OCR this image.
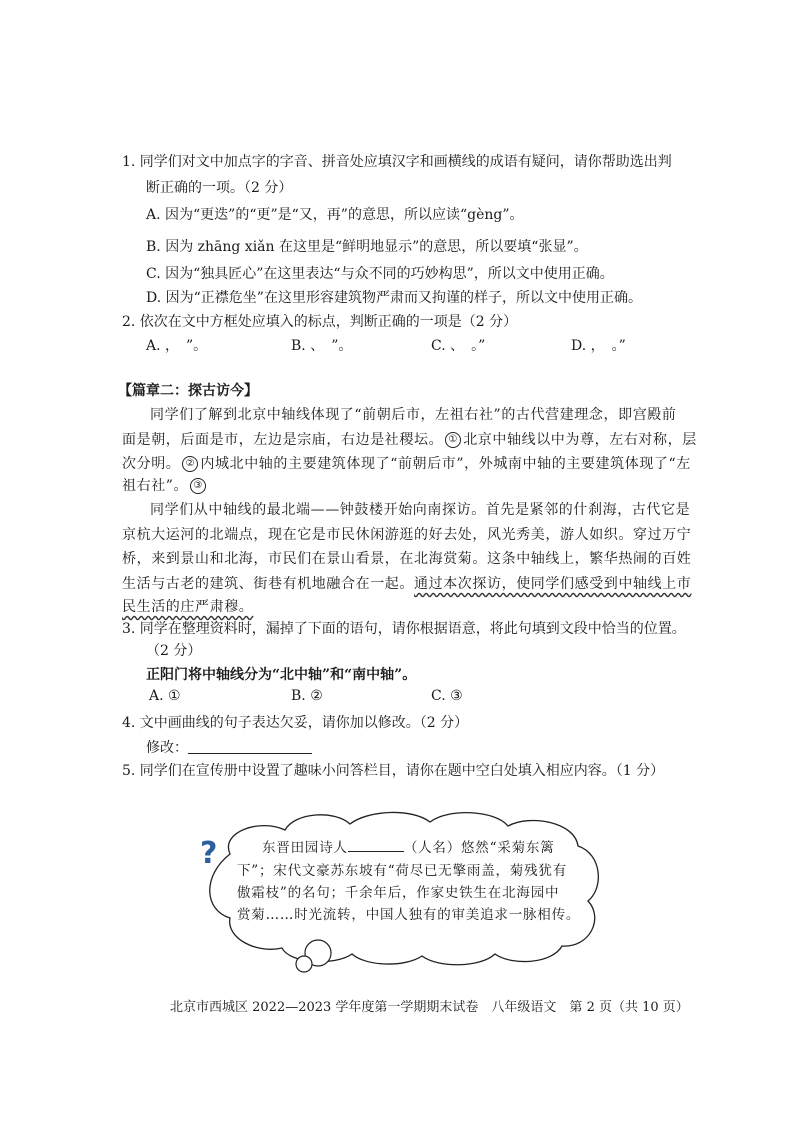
1. 同学们对文中加点字的字音、拼音处应填汉字和画横线的成语有疑问，请你帮助选出判
断正确的一项。（2 分）
A. 因为“更迭”的“更”是“又，再”的意思，所以应读“gèng”。
B. 因为 zhāng xiǎn 在这里是“鲜明地显示”的意思，所以要填“张显”。
C. 因为“独具匠心”在这里表达“与众不同的巧妙构思”，所以文中使用正确。
D. 因为“正襟危坐”在这里形容建筑物严肃而又拘谨的样子，所以文中使用正确。
2. 依次在文中方框处应填入的标点，判断正确的一项是（2 分）
A. ，　”。	B. 、　”。	C. 、　。”	D. ，　。”
【篇章二：探古访今】
同学们了解到北京中轴线体现了“前朝后市，左祖右社”的古代营建理念，即宫殿前
面是朝，后面是市，左边是宗庙，右边是社稷坛。 ① 北京中轴线以中为尊，左右对称，层
次分明。 ② 内城北中轴的主要建筑体现了“前朝后市”，外城南中轴的主要建筑体现了“左
祖右社”。 ③
同学们从中轴线的最北端——钟鼓楼开始向南探访。首先是紧邻的什刹海，古代它是
京杭大运河的北端点，现在它是市民休闲游逛的好去处，风光秀美，游人如织。穿过万宁
桥，来到景山和北海，市民们在景山看景，在北海赏菊。这条中轴线上，繁华热闹的百姓
生活与古老的建筑、街巷有机地融合在一起。通过本次探访，使同学们感受到中轴线上市
民生活的庄严肃穆。
3. 同学在整理资料时，漏掉了下面的语句，请你根据语意，将此句填到文段中恰当的位置。
（2 分）
正阳门将中轴线分为“北中轴”和“南中轴”。
A. ①	B. ②	C. ③
4. 文中画曲线的句子表达欠妥，请你加以修改。（2 分）
修改：
5. 同学们在宣传册中设置了趣味小问答栏目，请你在题中空白处填入相应内容。（1 分）
?	东晋田园诗人	（人名）悠然“采菊东篱
下”；宋代文豪苏东坡有“荷尽已无擎雨盖，菊残犹有
傲霜枝”的名句；千余年后，作家史铁生在北海园中
赏菊……时光流转，中国人独有的审美追求一脉相传。
北京市西城区 2022—2023 学年度第一学期期末试卷　八年级语文　第 2 页（共 10 页）
